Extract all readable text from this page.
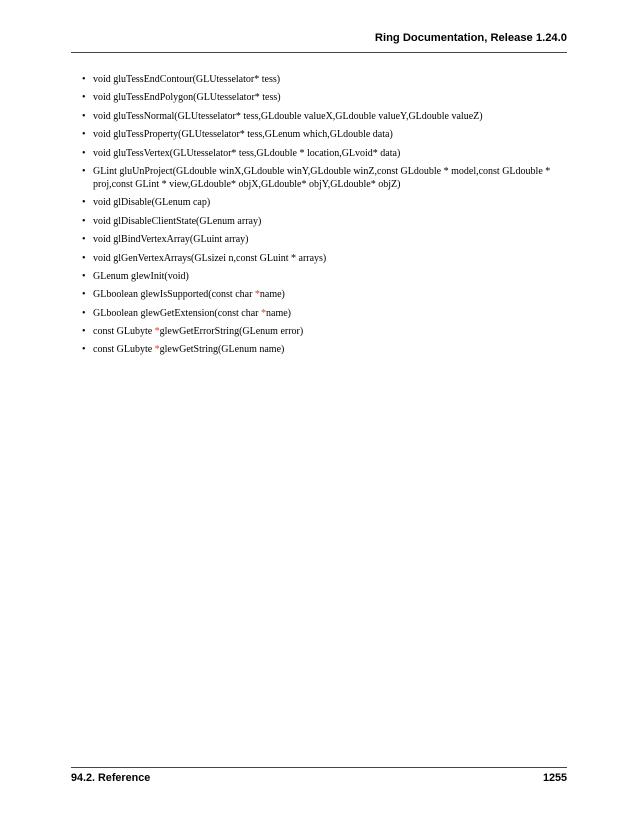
Ring Documentation, Release 1.24.0
• void gluTessEndContour(GLUtesselator* tess)
• void gluTessEndPolygon(GLUtesselator* tess)
• void gluTessNormal(GLUtesselator* tess,GLdouble valueX,GLdouble valueY,GLdouble valueZ)
• void gluTessProperty(GLUtesselator* tess,GLenum which,GLdouble data)
• void gluTessVertex(GLUtesselator* tess,GLdouble * location,GLvoid* data)
• GLint gluUnProject(GLdouble winX,GLdouble winY,GLdouble winZ,const GLdouble * model,const GLdouble * proj,const GLint * view,GLdouble* objX,GLdouble* objY,GLdouble* objZ)
• void glDisable(GLenum cap)
• void glDisableClientState(GLenum array)
• void glBindVertexArray(GLuint array)
• void glGenVertexArrays(GLsizei n,const GLuint * arrays)
• GLenum glewInit(void)
• GLboolean glewIsSupported(const char *name)
• GLboolean glewGetExtension(const char *name)
• const GLubyte *glewGetErrorString(GLenum error)
• const GLubyte *glewGetString(GLenum name)
94.2. Reference	1255
